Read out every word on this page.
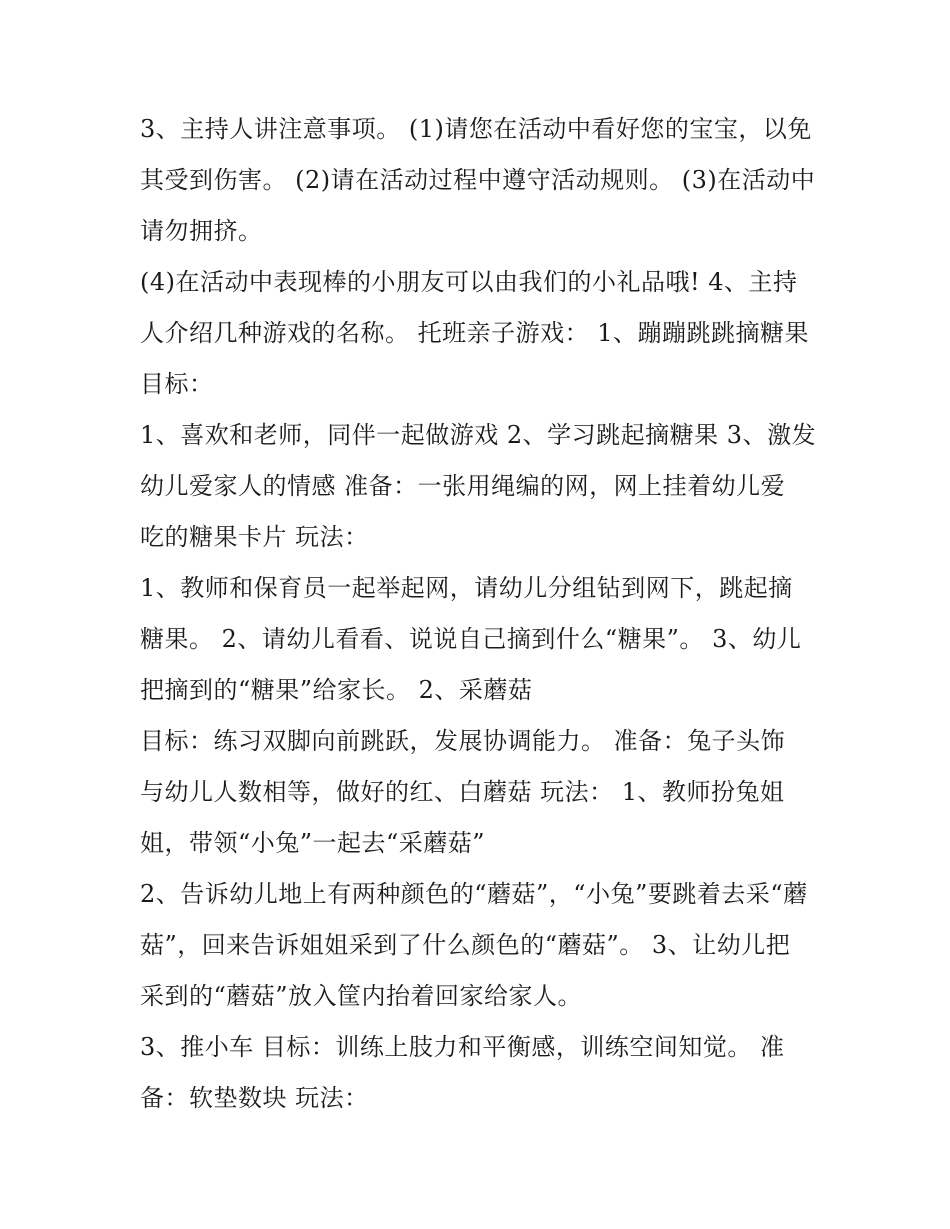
3、主持人讲注意事项。 (1)请您在活动中看好您的宝宝，以免
其受到伤害。 (2)请在活动过程中遵守活动规则。 (3)在活动中
请勿拥挤。
(4)在活动中表现棒的小朋友可以由我们的小礼品哦! 4、主持
人介绍几种游戏的名称。 托班亲子游戏： 1、蹦蹦跳跳摘糖果
目标：
1、喜欢和老师，同伴一起做游戏 2、学习跳起摘糖果 3、激发
幼儿爱家人的情感 准备：一张用绳编的网，网上挂着幼儿爱
吃的糖果卡片 玩法：
1、教师和保育员一起举起网，请幼儿分组钻到网下，跳起摘
糖果。 2、请幼儿看看、说说自己摘到什么“糖果”。 3、幼儿
把摘到的“糖果”给家长。 2、采蘑菇
目标：练习双脚向前跳跃，发展协调能力。 准备：兔子头饰
与幼儿人数相等，做好的红、白蘑菇 玩法： 1、教师扮兔姐
姐，带领“小兔”一起去“采蘑菇”
2、告诉幼儿地上有两种颜色的“蘑菇”，“小兔”要跳着去采“蘑
菇”，回来告诉姐姐采到了什么颜色的“蘑菇”。 3、让幼儿把
采到的“蘑菇”放入筐内抬着回家给家人。
3、推小车 目标：训练上肢力和平衡感，训练空间知觉。 准
备：软垫数块 玩法：
